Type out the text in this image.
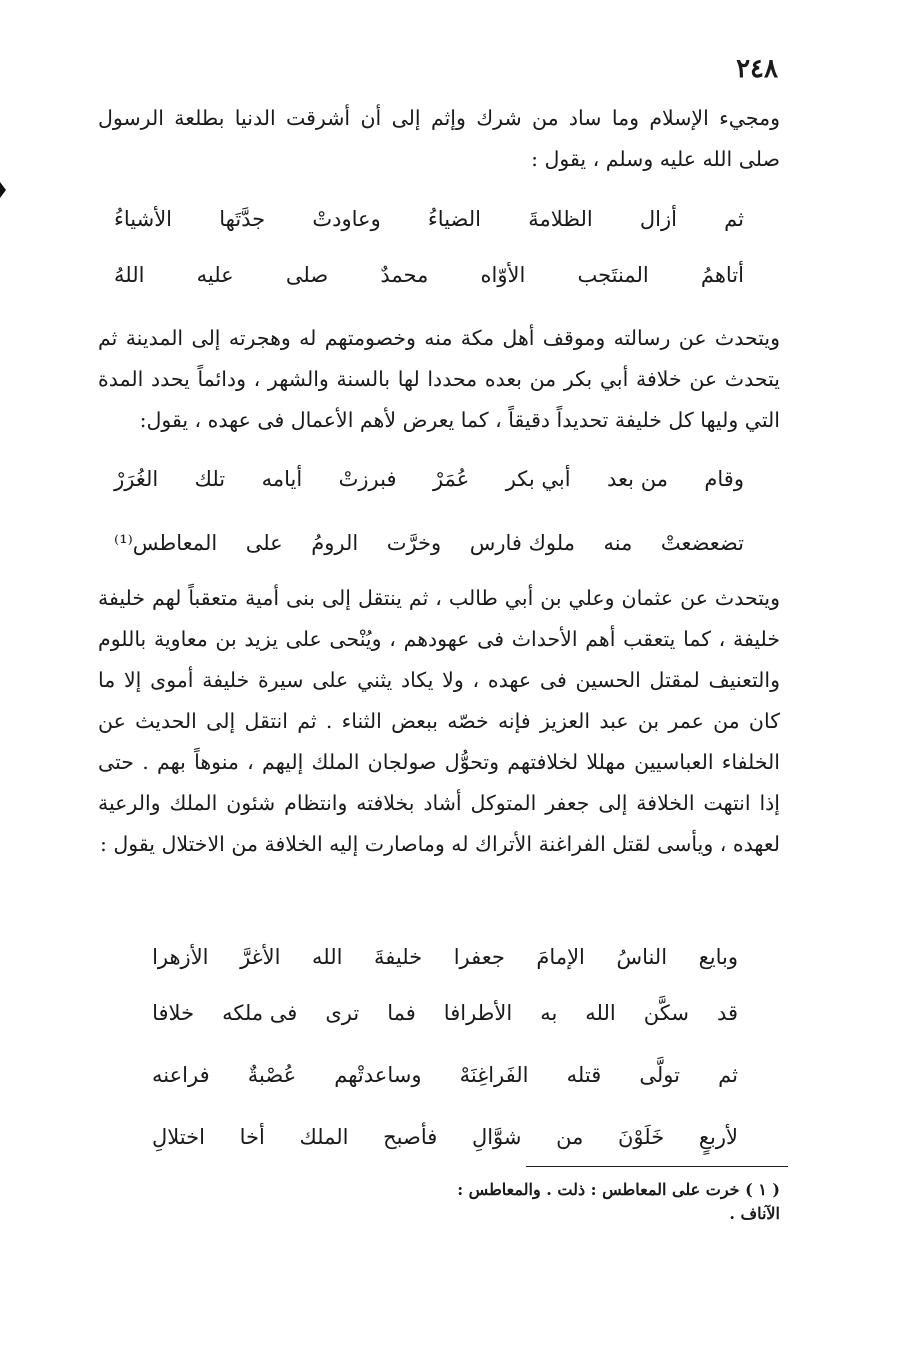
٢٤٨
ومجيء الإسلام وما ساد من شرك وإثم إلى أن أشرقت الدنيا بطلعة الرسول صلى الله عليه وسلم ، يقول :
ثم
أزال
الظلامةَ
الضياءُ
وعاودتْ
جدَّتَها
الأشياءُ
أتاهمُ
المنتَجب
الأوّاه
محمدٌ
صلى
عليه
اللهُ
ويتحدث عن رسالته وموقف أهل مكة منه وخصومتهم له وهجرته إلى المدينة ثم يتحدث عن خلافة أبي بكر من بعده محددا لها بالسنة والشهر ، ودائماً يحدد المدة التي وليها كل خليفة تحديداً دقيقاً ، كما يعرض لأهم الأعمال فى عهده ، يقول:
وقام
من بعد
أبي بكر
عُمَرْ
فبرزتْ
أيامه
تلك
الغُرَرْ
تضعضعتْ
منه
ملوك فارس
وخرَّت
الرومُ
على
المعاطس⁽¹⁾
ويتحدث عن عثمان وعلي بن أبي طالب ، ثم ينتقل إلى بنى أمية متعقباً لهم خليفة خليفة ، كما يتعقب أهم الأحداث فى عهودهم ، ويُنْحى على يزيد بن معاوية باللوم والتعنيف لمقتل الحسين فى عهده ، ولا يكاد يثني على سيرة خليفة أموى إلا ما كان من عمر بن عبد العزيز فإنه خصّه ببعض الثناء . ثم انتقل إلى الحديث عن الخلفاء العباسيين مهللا لخلافتهم وتحوُّل صولجان الملك إليهم ، منوهاً بهم . حتى إذا انتهت الخلافة إلى جعفر المتوكل أشاد بخلافته وانتظام شئون الملك والرعية لعهده ، ويأسى لقتل الفراغنة الأتراك له وماصارت إليه الخلافة من الاختلال يقول :
وبايع
الناسُ
الإمامَ
جعفرا
خليفةَ
الله
الأغرَّ
الأزهرا
قد
سكَّن
الله
به
الأطرافا
فما
ترى
فى ملكه
خلافا
ثم
تولَّى
قتله
الفَراغِنَهْ
وساعدتْهم
عُصْبةٌ
فراعنه
لأربعٍ
خَلَوْنَ
من
شوَّالِ
فأصبح
الملك
أخا
اختلالِ
( ١ ) خرت على المعاطس : ذلت . والمعاطس : الآناف .
